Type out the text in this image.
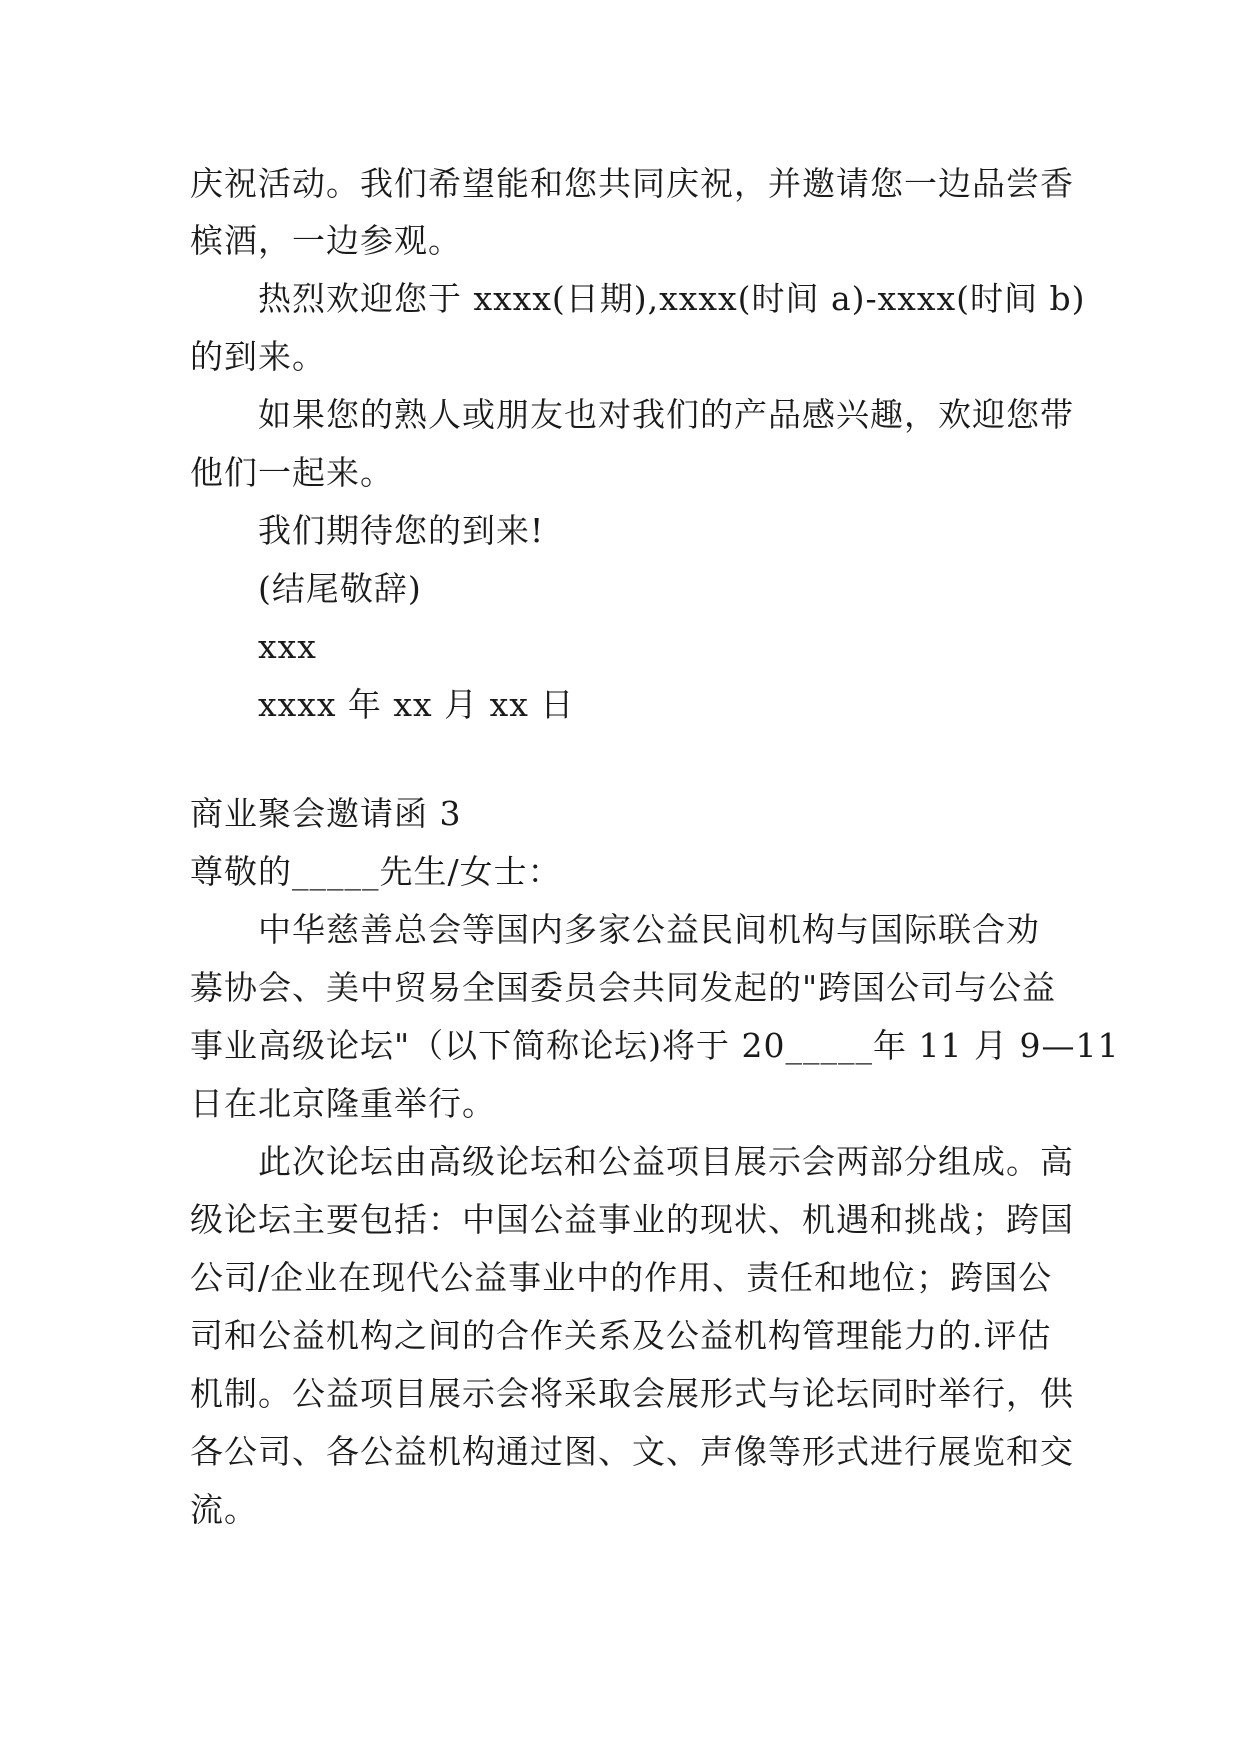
庆祝活动。我们希望能和您共同庆祝，并邀请您一边品尝香
槟酒，一边参观。
热烈欢迎您于 xxxx(日期),xxxx(时间 a)-xxxx(时间 b)
的到来。
如果您的熟人或朋友也对我们的产品感兴趣，欢迎您带
他们一起来。
我们期待您的到来!
(结尾敬辞)
xxx
xxxx 年 xx 月 xx 日
商业聚会邀请函 3
尊敬的_____先生/女士：
中华慈善总会等国内多家公益民间机构与国际联合劝
募协会、美中贸易全国委员会共同发起的"跨国公司与公益
事业高级论坛"（以下简称论坛)将于 20_____年 11 月 9—11
日在北京隆重举行。
此次论坛由高级论坛和公益项目展示会两部分组成。高
级论坛主要包括：中国公益事业的现状、机遇和挑战；跨国
公司/企业在现代公益事业中的作用、责任和地位；跨国公
司和公益机构之间的合作关系及公益机构管理能力的.评估
机制。公益项目展示会将采取会展形式与论坛同时举行，供
各公司、各公益机构通过图、文、声像等形式进行展览和交
流。
